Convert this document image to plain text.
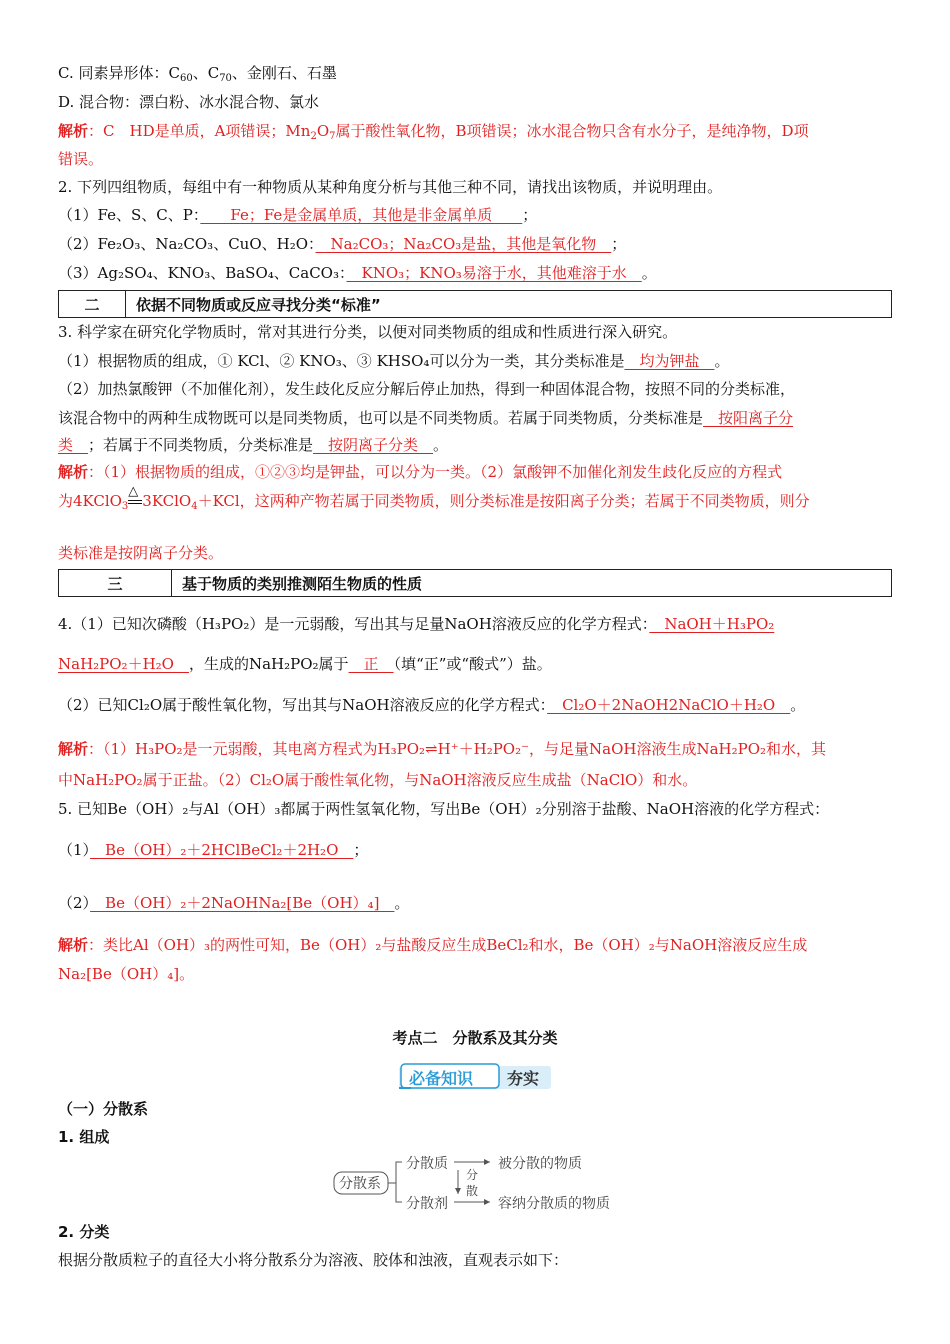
C. 同素异形体：$C_{60}$、$C_{70}$、金刚石、石墨
D. 混合物：漂白粉、冰水混合物、氯水
解析：C　HD是单质，A项错误；$Mn_2O_7$属于酸性氧化物，B项错误；冰水混合物只含有水分子，是纯净物，D项
错误。
2. 下列四组物质，每组中有一种物质从某种角度分析与其他三种不同，请找出该物质，并说明理由。
（1）Fe、S、C、P：　　Fe；Fe是金属单质，其他是非金属单质　　；
（2）Fe₂O₃、Na₂CO₃、CuO、H₂O：　Na₂CO₃；Na₂CO₃是盐，其他是氧化物　；
（3）Ag₂SO₄、KNO₃、BaSO₄、CaCO₃：　KNO₃；KNO₃易溶于水，其他难溶于水　。
二	依据不同物质或反应寻找分类“标准”
3. 科学家在研究化学物质时，常对其进行分类，以便对同类物质的组成和性质进行深入研究。
（1）根据物质的组成，① KCl、② KNO₃、③ KHSO₄可以分为一类，其分类标准是　均为钾盐　。
（2）加热氯酸钾（不加催化剂），发生歧化反应分解后停止加热，得到一种固体混合物，按照不同的分类标准，
该混合物中的两种生成物既可以是同类物质，也可以是不同类物质。若属于同类物质，分类标准是　按阳离子分
类　；若属于不同类物质，分类标准是　按阴离子分类　。
解析：（1）根据物质的组成，①②③均是钾盐，可以分为一类。（2）氯酸钾不加催化剂发生歧化反应的方程式
为4KClO$_3$
△
3KClO$_4$＋KCl，这两种产物若属于同类物质，则分类标准是按阳离子分类；若属于不同类物质，则分
类标准是按阴离子分类。
三	基于物质的类别推测陌生物质的性质
4.（1）已知次磷酸（H₃PO₂）是一元弱酸，写出其与足量NaOH溶液反应的化学方程式：　NaOH＋H₃PO₂
NaH₂PO₂＋H₂O　，生成的NaH₂PO₂属于　正　（填“正”或“酸式”）盐。
（2）已知Cl₂O属于酸性氧化物，写出其与NaOH溶液反应的化学方程式：　Cl₂O＋2NaOH2NaClO＋H₂O　。
解析：（1）H₃PO₂是一元弱酸，其电离方程式为H₃PO₂⇌H⁺＋H₂PO₂⁻，与足量NaOH溶液生成NaH₂PO₂和水，其
中NaH₂PO₂属于正盐。（2）Cl₂O属于酸性氧化物，与NaOH溶液反应生成盐（NaClO）和水。
5. 已知Be（OH）₂与Al（OH）₃都属于两性氢氧化物，写出Be（OH）₂分别溶于盐酸、NaOH溶液的化学方程式：
（1）　Be（OH）₂＋2HClBeCl₂＋2H₂O　；
（2）　Be（OH）₂＋2NaOHNa₂[Be（OH）₄]　。
解析：类比Al（OH）₃的两性可知，Be（OH）₂与盐酸反应生成BeCl₂和水，Be（OH）₂与NaOH溶液反应生成
Na₂[Be（OH）₄]。
考点二　分散系及其分类
必备知识 夯实
（一）分散系
1. 组成
分散系
分散质
分散剂
被分散的物质
容纳分散质的物质
分
散
2. 分类
根据分散质粒子的直径大小将分散系分为溶液、胶体和浊液，直观表示如下：
